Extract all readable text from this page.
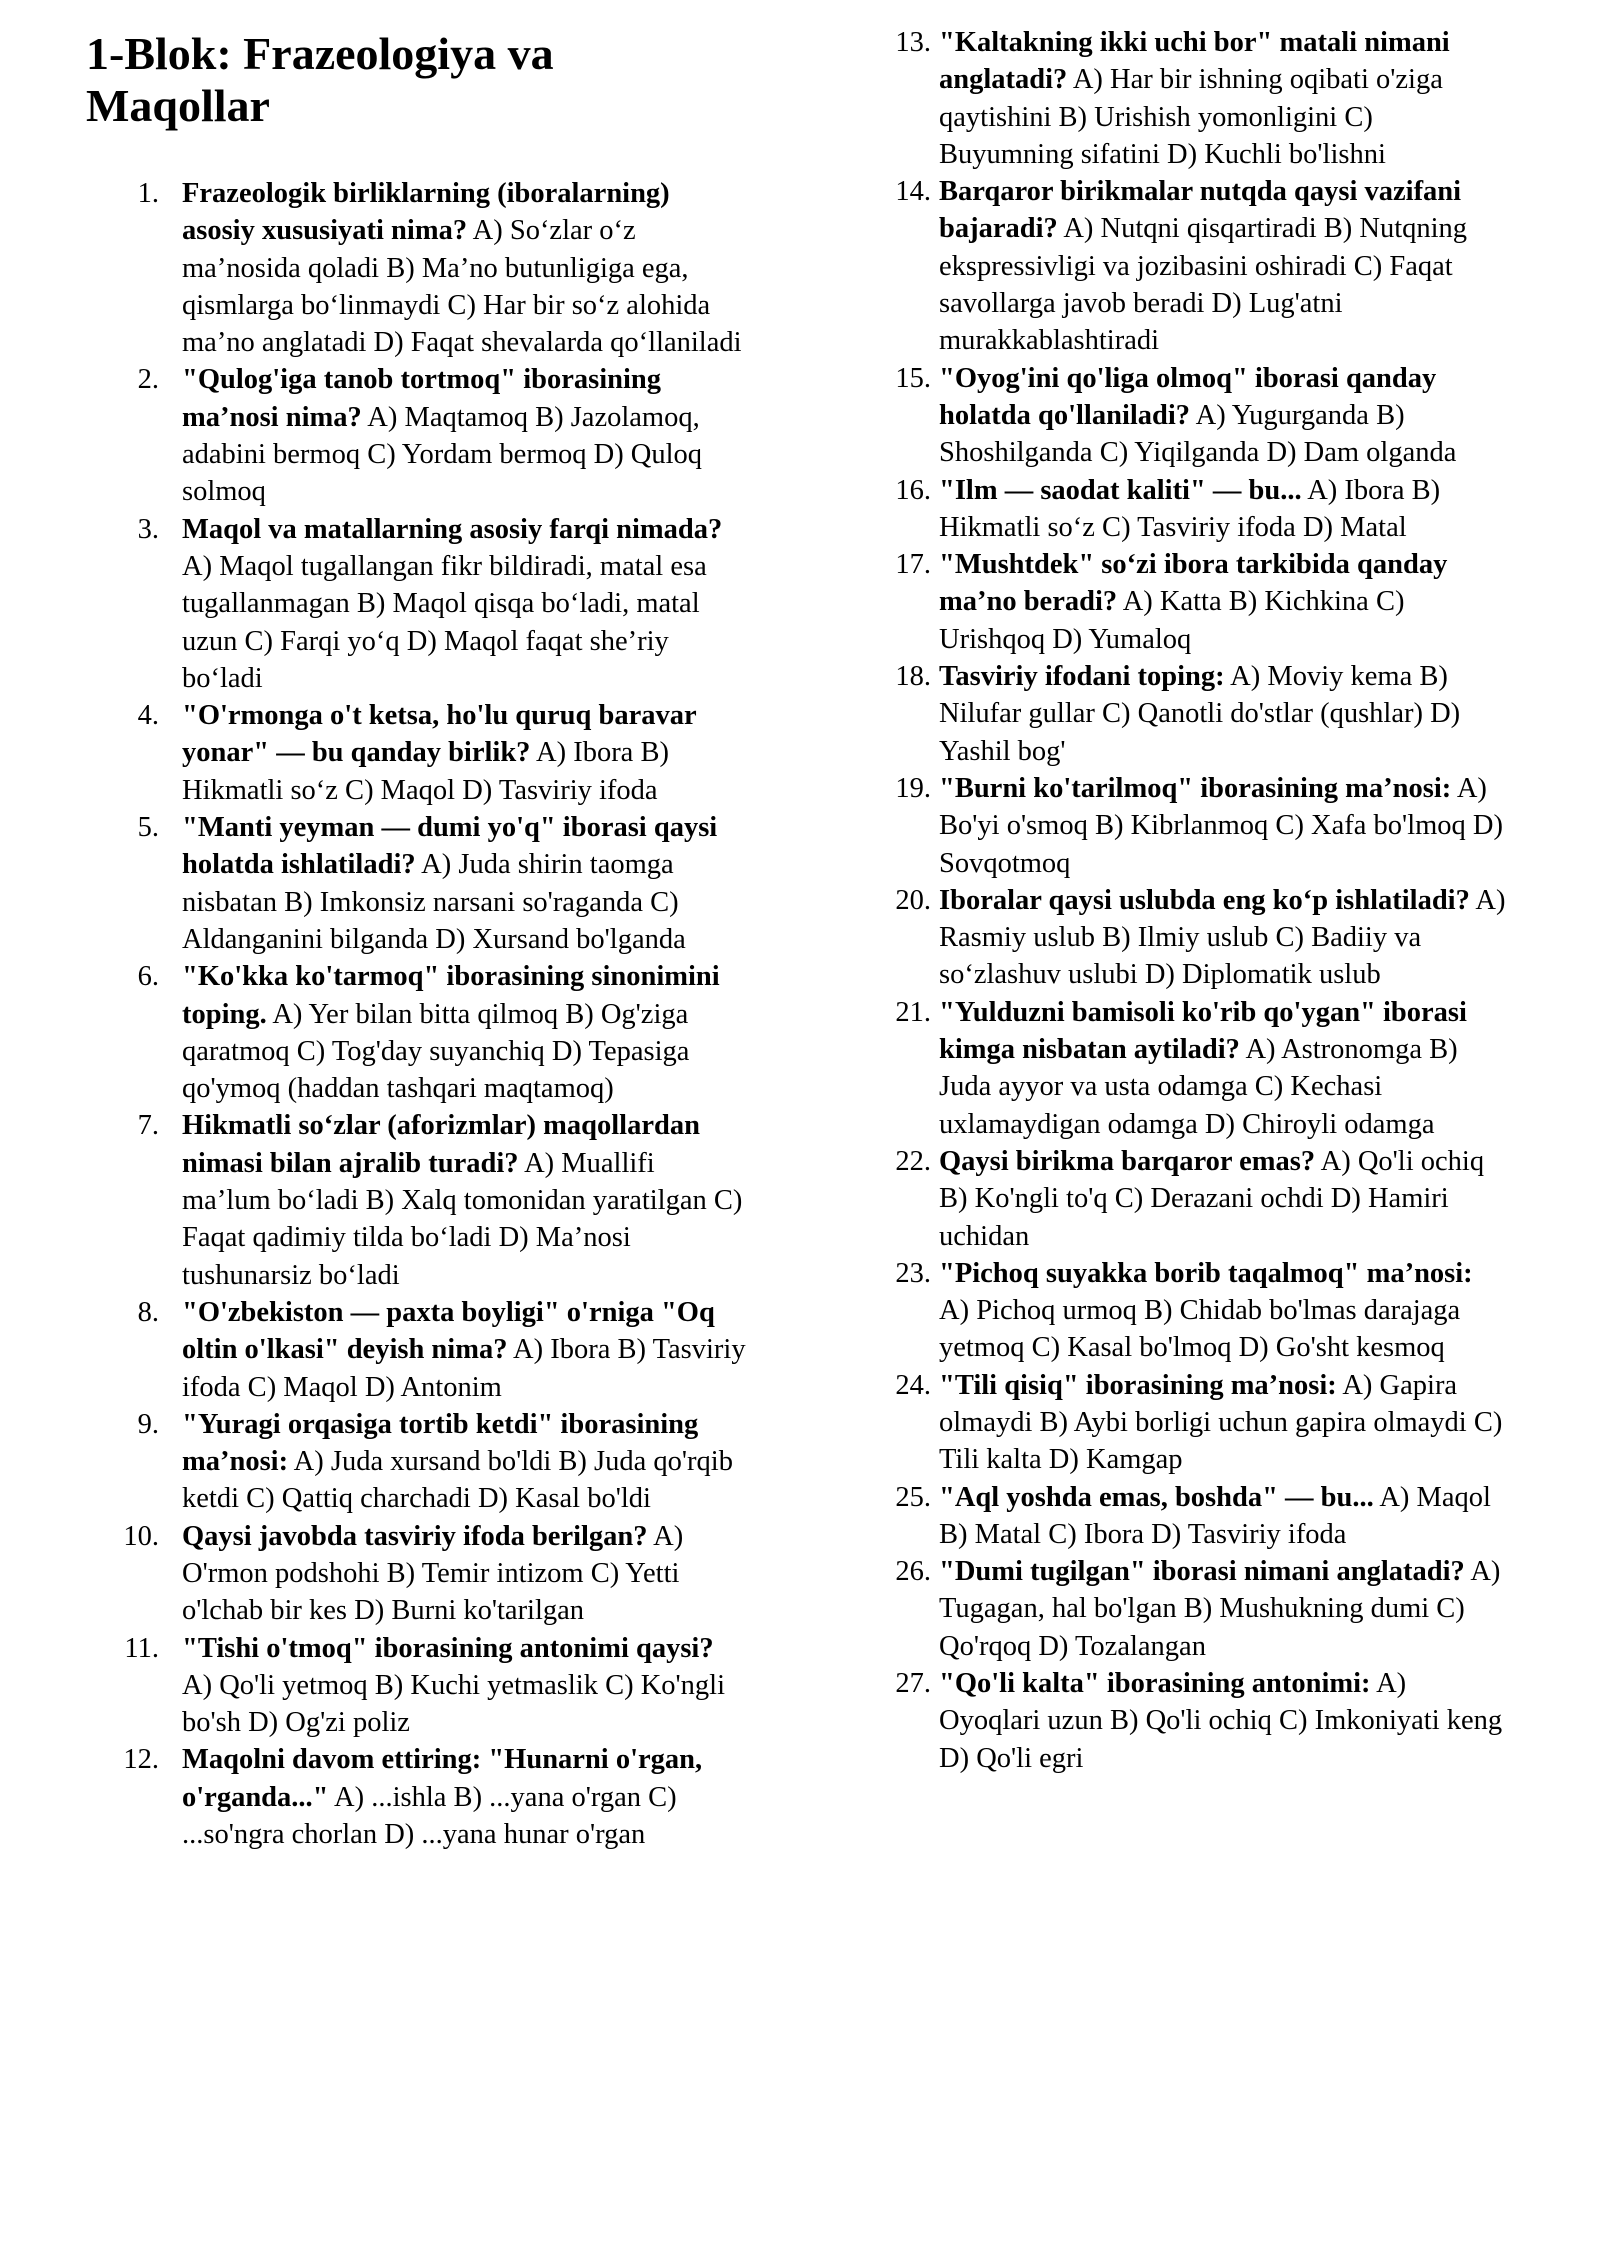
1-Blok: Frazeologiya va Maqollar
1. Frazeologik birliklarning (iboralarning) asosiy xususiyati nima? A) So‘zlar o‘z ma’nosida qoladi B) Ma’no butunligiga ega, qismlarga bo‘linmaydi C) Har bir so‘z alohida ma’no anglatadi D) Faqat shevalarda qo‘llaniladi
2. "Qulog'iga tanob tortmoq" iborasining ma’nosi nima? A) Maqtamoq B) Jazolamoq, adabini bermoq C) Yordam bermoq D) Quloq solmoq
3. Maqol va matallarning asosiy farqi nimada? A) Maqol tugallangan fikr bildiradi, matal esa tugallanmagan B) Maqol qisqa bo‘ladi, matal uzun C) Farqi yo‘q D) Maqol faqat she’riy bo‘ladi
4. "O'rmonga o't ketsa, ho'lu quruq baravar yonar" — bu qanday birlik? A) Ibora B) Hikmatli so‘z C) Maqol D) Tasviriy ifoda
5. "Manti yeyman — dumi yo'q" iborasi qaysi holatda ishlatiladi? A) Juda shirin taomga nisbatan B) Imkonsiz narsani so'raganda C) Aldanganini bilganda D) Xursand bo'lganda
6. "Ko'kka ko'tarmoq" iborasining sinonimini toping. A) Yer bilan bitta qilmoq B) Og'ziga qaratmoq C) Tog'day suyanchiq D) Tepasiga qo'ymoq (haddan tashqari maqtamoq)
7. Hikmatli so‘zlar (aforizmlar) maqollardan nimasi bilan ajralib turadi? A) Muallifi ma’lum bo‘ladi B) Xalq tomonidan yaratilgan C) Faqat qadimiy tilda bo‘ladi D) Ma’nosi tushunarsiz bo‘ladi
8. "O'zbekiston — paxta boyligi" o'rniga "Oq oltin o'lkasi" deyish nima? A) Ibora B) Tasviriy ifoda C) Maqol D) Antonim
9. "Yuragi orqasiga tortib ketdi" iborasining ma’nosi: A) Juda xursand bo'ldi B) Juda qo'rqib ketdi C) Qattiq charchadi D) Kasal bo'ldi
10. Qaysi javobda tasviriy ifoda berilgan? A) O'rmon podshohi B) Temir intizom C) Yetti o'lchab bir kes D) Burni ko'tarilgan
11. "Tishi o'tmoq" iborasining antonimi qaysi? A) Qo'li yetmoq B) Kuchi yetmaslik C) Ko'ngli bo'sh D) Og'zi poliz
12. Maqolni davom ettiring: "Hunarni o'rgan, o'rganda..." A) ...ishla B) ...yana o'rgan C) ...so'ngra chorlan D) ...yana hunar o'rgan
13. "Kaltakning ikki uchi bor" matali nimani anglatadi? A) Har bir ishning oqibati o'ziga qaytishini B) Urishish yomonligini C) Buyumning sifatini D) Kuchli bo'lishni
14. Barqaror birikmalar nutqda qaysi vazifani bajaradi? A) Nutqni qisqartiradi B) Nutqning ekspressivligi va jozibasini oshiradi C) Faqat savollarga javob beradi D) Lug'atni murakkablashtiradi
15. "Oyog'ini qo'liga olmoq" iborasi qanday holatda qo'llaniladi? A) Yugurganda B) Shoshilganda C) Yiqilganda D) Dam olganda
16. "Ilm — saodat kaliti" — bu... A) Ibora B) Hikmatli so‘z C) Tasviriy ifoda D) Matal
17. "Mushtdek" so‘zi ibora tarkibida qanday ma’no beradi? A) Katta B) Kichkina C) Urishqoq D) Yumaloq
18. Tasviriy ifodani toping: A) Moviy kema B) Nilufar gullar C) Qanotli do'stlar (qushlar) D) Yashil bog'
19. "Burni ko'tarilmoq" iborasining ma’nosi: A) Bo'yi o'smoq B) Kibrlanmoq C) Xafa bo'lmoq D) Sovqotmoq
20. Iboralar qaysi uslubda eng ko‘p ishlatiladi? A) Rasmiy uslub B) Ilmiy uslub C) Badiiy va so‘zlashuv uslubi D) Diplomatik uslub
21. "Yulduzni bamisoli ko'rib qo'ygan" iborasi kimga nisbatan aytiladi? A) Astronomga B) Juda ayyor va usta odamga C) Kechasi uxlamaydigan odamga D) Chiroyli odamga
22. Qaysi birikma barqaror emas? A) Qo'li ochiq B) Ko'ngli to'q C) Derazani ochdi D) Hamiri uchidan
23. "Pichoq suyakka borib taqalmoq" ma’nosi: A) Pichoq urmoq B) Chidab bo'lmas darajaga yetmoq C) Kasal bo'lmoq D) Go'sht kesmoq
24. "Tili qisiq" iborasining ma’nosi: A) Gapira olmaydi B) Aybi borligi uchun gapira olmaydi C) Tili kalta D) Kamgap
25. "Aql yoshda emas, boshda" — bu... A) Maqol B) Matal C) Ibora D) Tasviriy ifoda
26. "Dumi tugilgan" iborasi nimani anglatadi? A) Tugagan, hal bo'lgan B) Mushukning dumi C) Qo'rqoq D) Tozalangan
27. "Qo'li kalta" iborasining antonimi: A) Oyoqlari uzun B) Qo'li ochiq C) Imkoniyati keng D) Qo'li egri
